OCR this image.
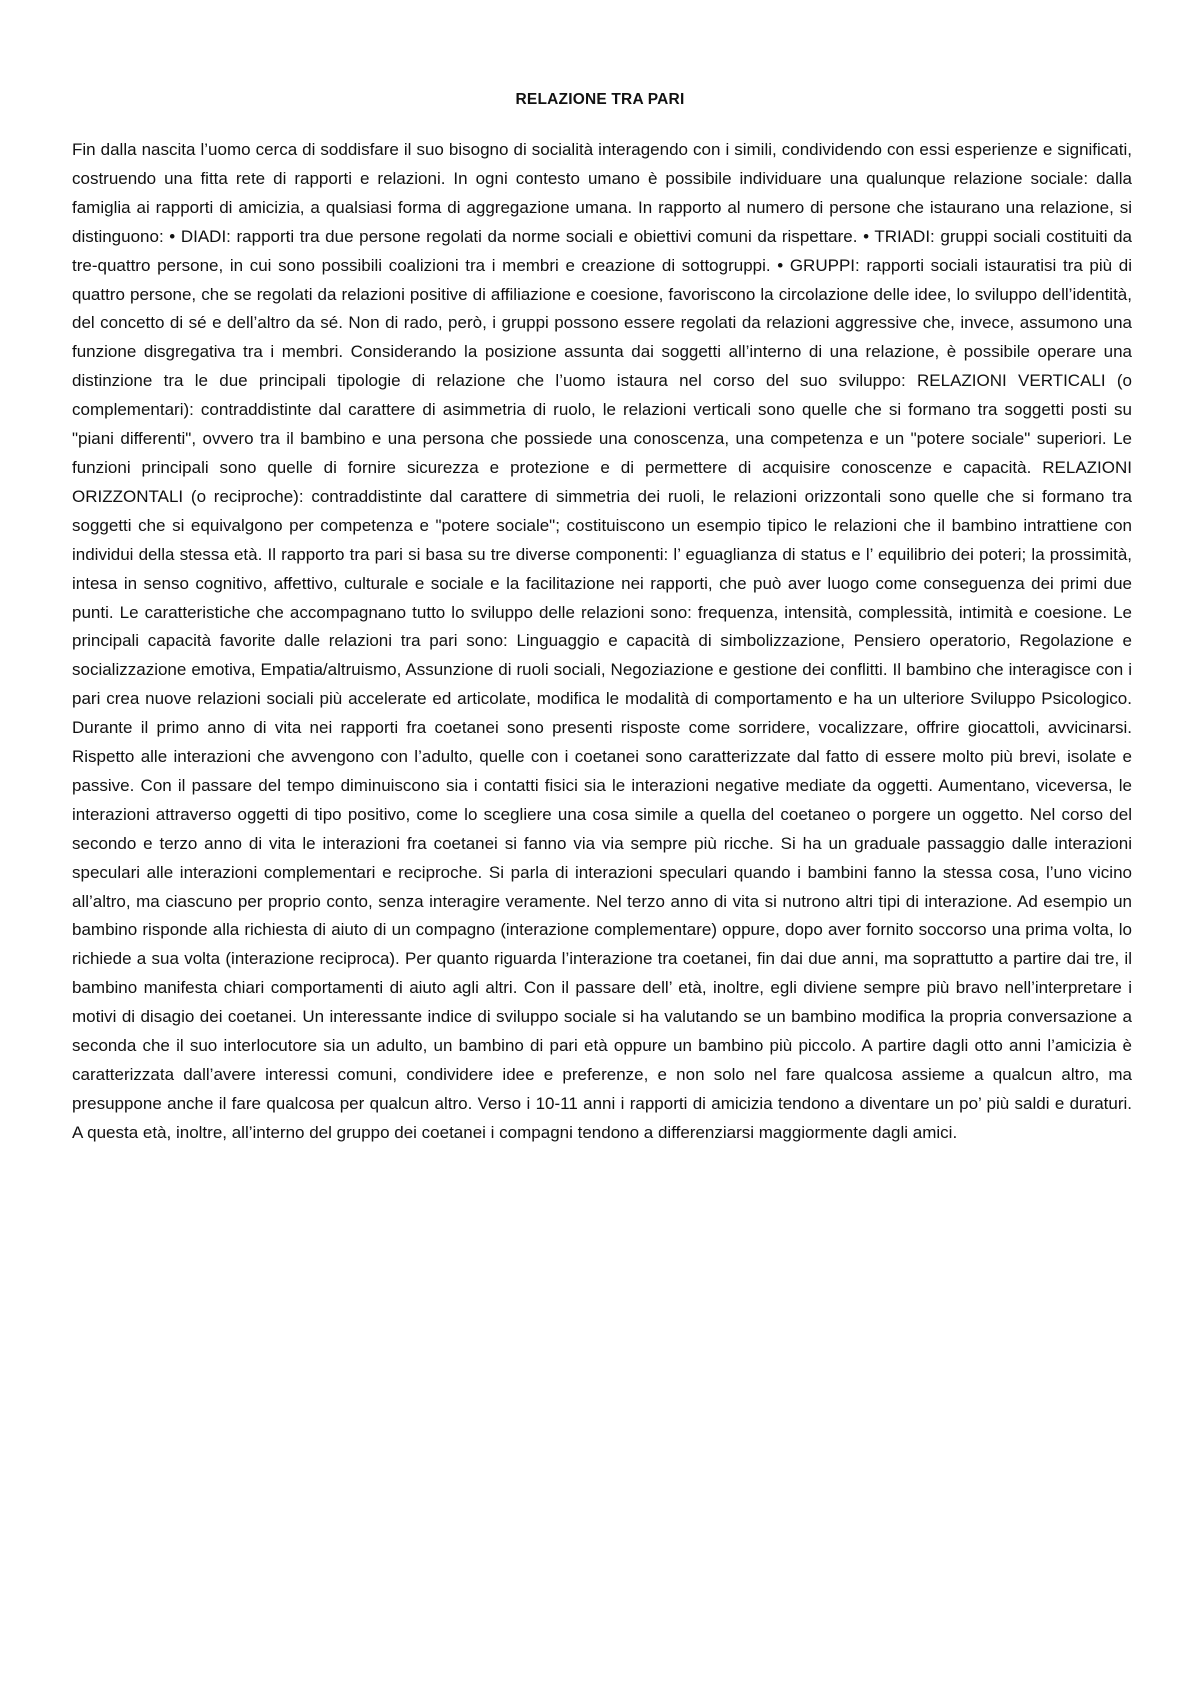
RELAZIONE TRA PARI

Fin dalla nascita l’uomo cerca di soddisfare il suo bisogno di socialità interagendo con i simili, condividendo con essi esperienze e significati, costruendo una fitta rete di rapporti e relazioni. In ogni contesto umano è possibile individuare una qualunque relazione sociale: dalla famiglia ai rapporti di amicizia, a qualsiasi forma di aggregazione umana. In rapporto al numero di persone che istaurano una relazione, si distinguono: • DIADI: rapporti tra due persone regolati da norme sociali e obiettivi comuni da rispettare. • TRIADI: gruppi sociali costituiti da tre-quattro persone, in cui sono possibili coalizioni tra i membri e creazione di sottogruppi. • GRUPPI: rapporti sociali istauratisi tra più di quattro persone, che se regolati da relazioni positive di affiliazione e coesione, favoriscono la circolazione delle idee, lo sviluppo dell’identità, del concetto di sé e dell’altro da sé. Non di rado, però, i gruppi possono essere regolati da relazioni aggressive che, invece, assumono una funzione disgregativa tra i membri. Considerando la posizione assunta dai soggetti all’interno di una relazione, è possibile operare una distinzione tra le due principali tipologie di relazione che l’uomo istaura nel corso del suo sviluppo: RELAZIONI VERTICALI (o complementari): contraddistinte dal carattere di asimmetria di ruolo, le relazioni verticali sono quelle che si formano tra soggetti posti su "piani differenti", ovvero tra il bambino e una persona che possiede una conoscenza, una competenza e un "potere sociale" superiori. Le funzioni principali sono quelle di fornire sicurezza e protezione e di permettere di acquisire conoscenze e capacità. RELAZIONI ORIZZONTALI (o reciproche): contraddistinte dal carattere di simmetria dei ruoli, le relazioni orizzontali sono quelle che si formano tra soggetti che si equivalgono per competenza e "potere sociale"; costituiscono un esempio tipico le relazioni che il bambino intrattiene con individui della stessa età. Il rapporto tra pari si basa su tre diverse componenti: l’ eguaglianza di status e l’ equilibrio dei poteri; la prossimità, intesa in senso cognitivo, affettivo, culturale e sociale e la facilitazione nei rapporti, che può aver luogo come conseguenza dei primi due punti. Le caratteristiche che accompagnano tutto lo sviluppo delle relazioni sono: frequenza, intensità, complessità, intimità e coesione. Le principali capacità favorite dalle relazioni tra pari sono: Linguaggio e capacità di simbolizzazione, Pensiero operatorio, Regolazione e socializzazione emotiva, Empatia/altruismo, Assunzione di ruoli sociali, Negoziazione e gestione dei conflitti. Il bambino che interagisce con i pari crea nuove relazioni sociali più accelerate ed articolate, modifica le modalità di comportamento e ha un ulteriore Sviluppo Psicologico. Durante il primo anno di vita nei rapporti fra coetanei sono presenti risposte come sorridere, vocalizzare, offrire giocattoli, avvicinarsi. Rispetto alle interazioni che avvengono con l’adulto, quelle con i coetanei sono caratterizzate dal fatto di essere molto più brevi, isolate e passive. Con il passare del tempo diminuiscono sia i contatti fisici sia le interazioni negative mediate da oggetti. Aumentano, viceversa, le interazioni attraverso oggetti di tipo positivo, come lo scegliere una cosa simile a quella del coetaneo o porgere un oggetto. Nel corso del secondo e terzo anno di vita le interazioni fra coetanei si fanno via via sempre più ricche. Si ha un graduale passaggio dalle interazioni speculari alle interazioni complementari e reciproche. Si parla di interazioni speculari quando i bambini fanno la stessa cosa, l’uno vicino all’altro, ma ciascuno per proprio conto, senza interagire veramente. Nel terzo anno di vita si nutrono altri tipi di interazione. Ad esempio un bambino risponde alla richiesta di aiuto di un compagno (interazione complementare) oppure, dopo aver fornito soccorso una prima volta, lo richiede a sua volta (interazione reciproca). Per quanto riguarda l’interazione tra coetanei, fin dai due anni, ma soprattutto a partire dai tre, il bambino manifesta chiari comportamenti di aiuto agli altri. Con il passare dell’ età, inoltre, egli diviene sempre più bravo nell’interpretare i motivi di disagio dei coetanei. Un interessante indice di sviluppo sociale si ha valutando se un bambino modifica la propria conversazione a seconda che il suo interlocutore sia un adulto, un bambino di pari età oppure un bambino più piccolo. A partire dagli otto anni l’amicizia è caratterizzata dall’avere interessi comuni, condividere idee e preferenze, e non solo nel fare qualcosa assieme a qualcun altro, ma presuppone anche il fare qualcosa per qualcun altro. Verso i 10-11 anni i rapporti di amicizia tendono a diventare un po’ più saldi e duraturi. A questa età, inoltre, all’interno del gruppo dei coetanei i compagni tendono a differenziarsi maggiormente dagli amici.
